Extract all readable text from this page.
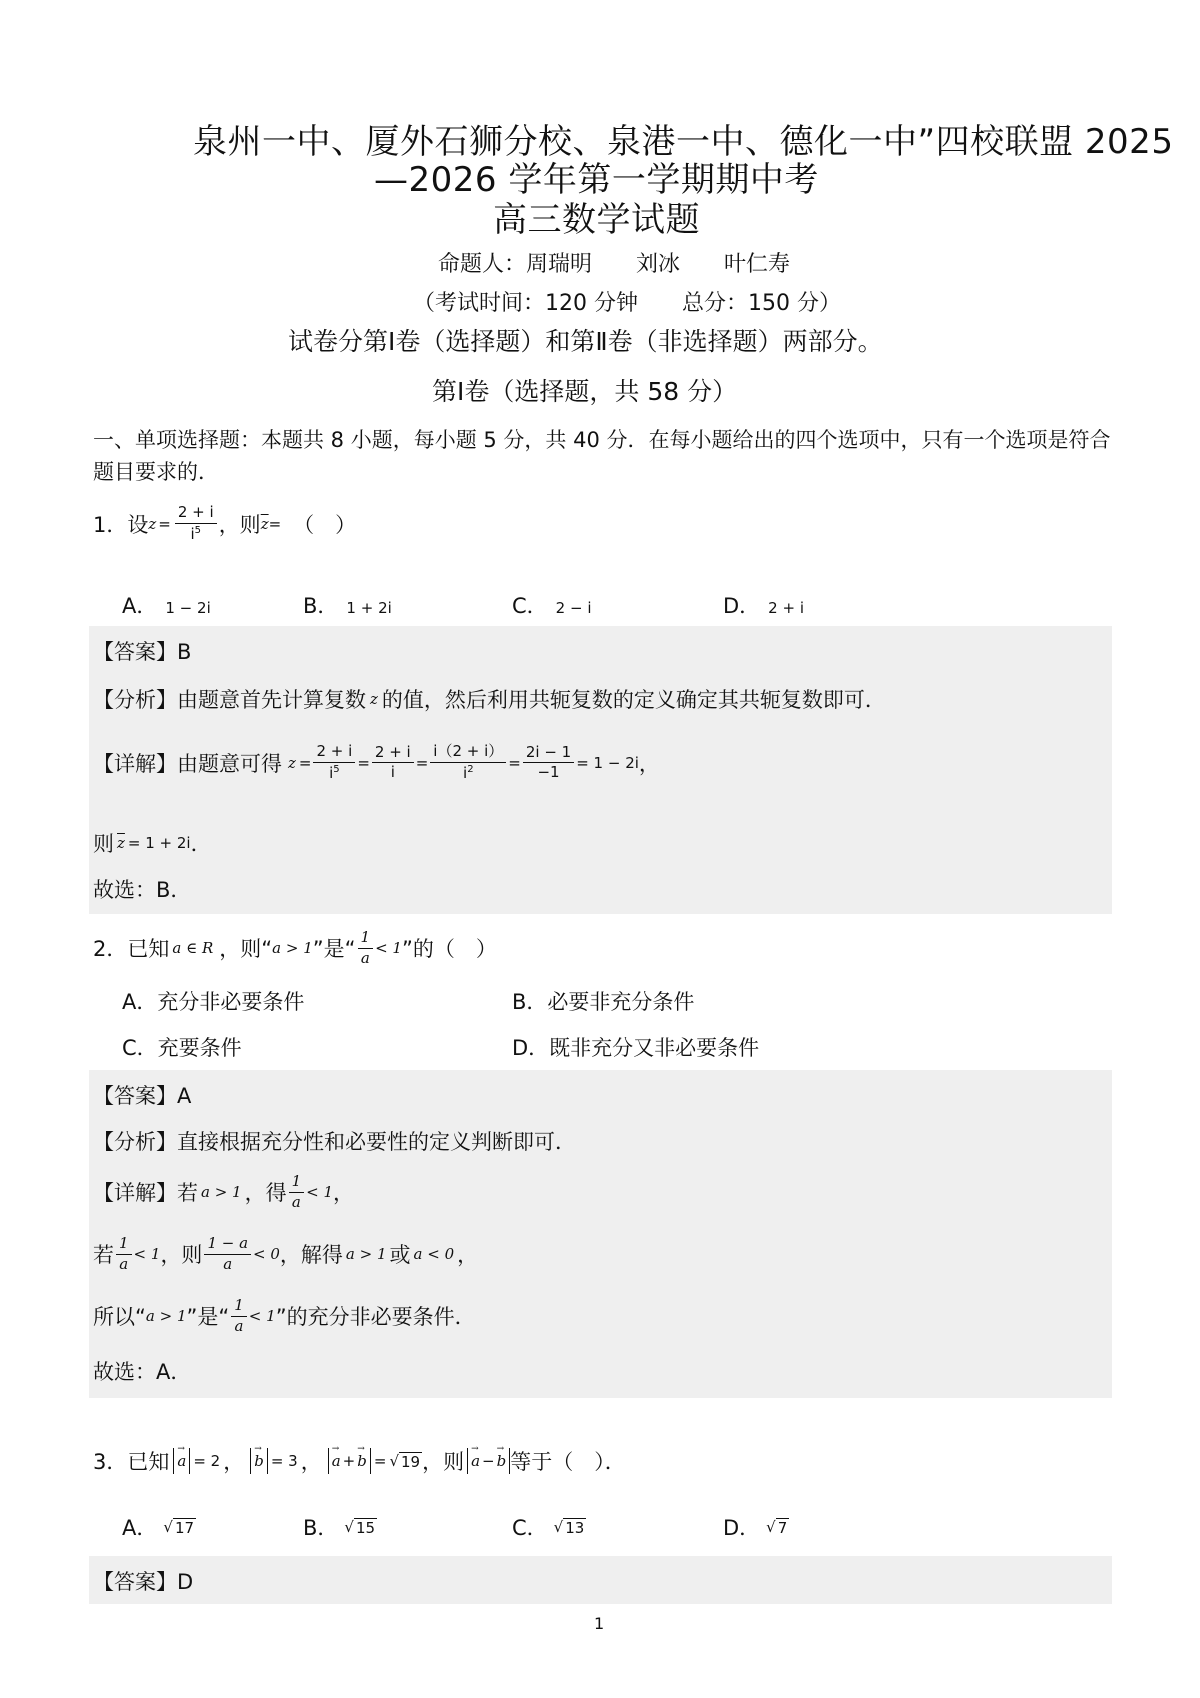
泉州一中、厦外石狮分校、泉港一中、德化一中”四校联盟 2025
—2026 学年第一学期期中考
高三数学试题
命题人：周瑞明　　刘冰　　叶仁寿
（考试时间：120 分钟　　总分：150 分）
试卷分第Ⅰ卷（选择题）和第Ⅱ卷（非选择题）两部分。
第Ⅰ卷（选择题，共 58 分）
一、单项选择题：本题共 8 小题，每小题 5 分，共 40 分．在每小题给出的四个选项中，只有一个选项是符合
题目要求的．
1．设 $z = \frac{2 + i}{i^5}$ ，则 $\overline{z}$ = （　）
A． 1 − 2i	B． 1 + 2i	C． 2 − i	D． 2 + i
【答案】B
【分析】 由题意首先计算复数 z 的值，然后利用共轭复数的定义确定其共轭复数即可．
【详解】 由题意可得 $z = \frac{2 + i}{i^5} = \frac{2 + i}{i} = \frac{i(2 + i)}{i^2} = \frac{2i - 1}{-1} = 1 - 2i$ ，
则 $\overline{z} = 1 + 2i$ ．
故选：B．
2．已知 a ∈ R ，则“ a > 1 ”是“ $\frac{1}{a} < 1$ ”的（　）
A．充分非必要条件	B．必要非充分条件
C．充要条件	D．既非充分又非必要条件
【答案】A
【分析】直接根据充分性和必要性的定义判断即可．
【详解】若 a > 1 ，得 $\frac{1}{a} < 1$ ，
若 $\frac{1}{a} < 1$ ，则 $\frac{1 - a}{a} < 0$ ，解得 a > 1 或 a < 0 ，
所以“ a > 1 ”是“ $\frac{1}{a} < 1$ ”的充分非必要条件．
故选：A．
3．已知 → a = 2 ， → b = 3 ， → a + → b = √ 19 ，则 → a − → b 等于（　）．
A． √ 17	B． √ 15	C． √ 13	D． √ 7
【答案】D
1
